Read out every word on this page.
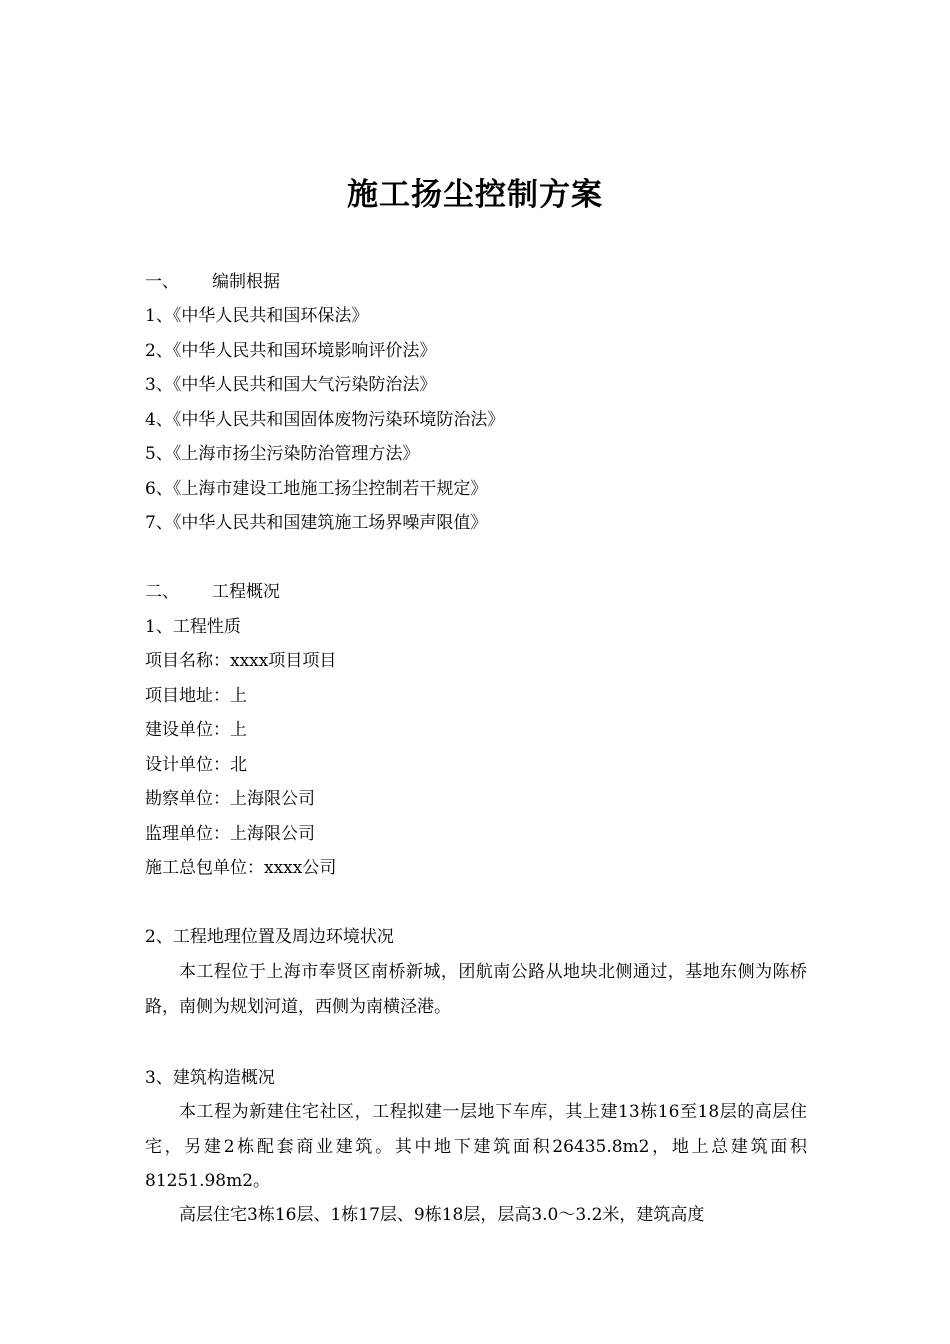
施工扬尘控制方案
一、 编制根据
1、《中华人民共和国环保法》
2、《中华人民共和国环境影响评价法》
3、《中华人民共和国大气污染防治法》
4、《中华人民共和国固体废物污染环境防治法》
5、《上海市扬尘污染防治管理方法》
6、《上海市建设工地施工扬尘控制若干规定》
7、《中华人民共和国建筑施工场界噪声限值》
二、 工程概况
1、工程性质
项目名称：xxxx项目项目
项目地址：上
建设单位：上
设计单位：北
勘察单位：上海限公司
监理单位：上海限公司
施工总包单位：xxxx公司
2、工程地理位置及周边环境状况
本工程位于上海市奉贤区南桥新城，团航南公路从地块北侧通过，基地东侧为陈桥路，南侧为规划河道，西侧为南横泾港。
3、建筑构造概况
本工程为新建住宅社区，工程拟建一层地下车库，其上建13栋16至18层的高层住宅，另建2栋配套商业建筑。其中地下建筑面积26435.8m2，地上总建筑面积81251.98m2。
高层住宅3栋16层、1栋17层、9栋18层，层高3.0～3.2米，建筑高度
